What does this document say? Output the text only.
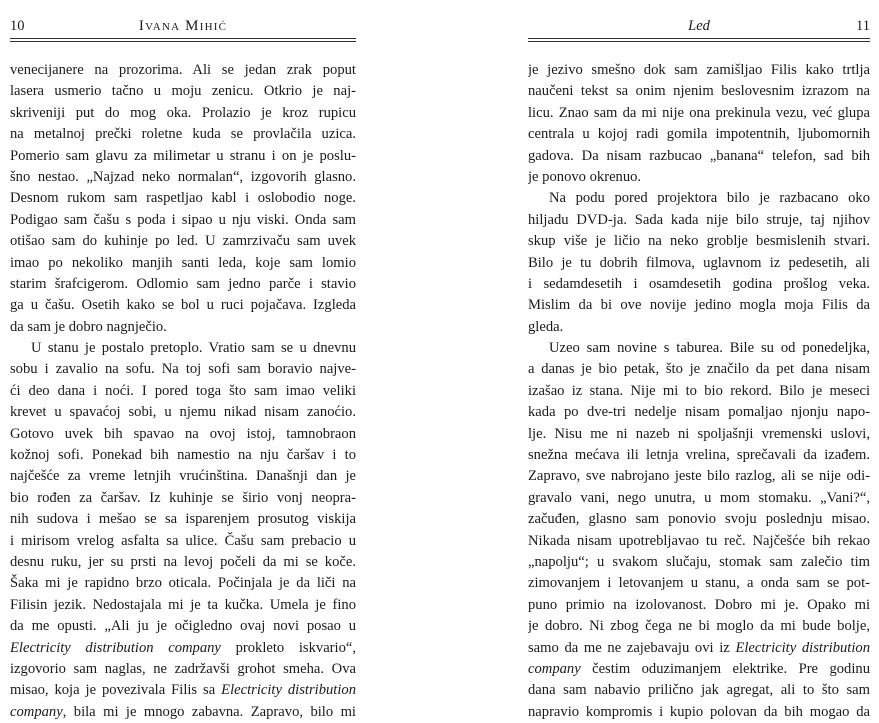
10	Ivana Mihić
venecijanere na prozorima. Ali se jedan zrak poput
lasera usmerio tačno u moju zenicu. Otkrio je naj-
skriveniji put do mog oka. Prolazio je kroz rupicu
na metalnoj prečki roletne kuda se provlačila uzica.
Pomerio sam glavu za milimetar u stranu i on je poslu-
šno nestao. „Najzad neko normalan“, izgovorih glasno.
Desnom rukom sam raspetljao kabl i oslobodio noge.
Podigao sam čašu s poda i sipao u nju viski. Onda sam
otišao sam do kuhinje po led. U zamrzivaču sam uvek
imao po nekoliko manjih santi leda, koje sam lomio
starim šrafcigerom. Odlomio sam jedno parče i stavio
ga u čašu. Osetih kako se bol u ruci pojačava. Izgleda
da sam je dobro nagnječio.
U stanu je postalo pretoplo. Vratio sam se u dnevnu
sobu i zavalio na sofu. Na toj sofi sam boravio najve-
ći deo dana i noći. I pored toga što sam imao veliki
krevet u spavaćoj sobi, u njemu nikad nisam zanoćio.
Gotovo uvek bih spavao na ovoj istoj, tamnobraon
kožnoj sofi. Ponekad bih namestio na nju čaršav i to
najčešće za vreme letnjih vrućinština. Današnji dan je
bio rođen za čaršav. Iz kuhinje se širio vonj neopra-
nih sudova i mešao se sa isparenjem prosutog viskija
i mirisom vrelog asfalta sa ulice. Čašu sam prebacio u
desnu ruku, jer su prsti na levoj počeli da mi se koče.
Šaka mi je rapidno brzo oticala. Počinjala je da liči na
Filisin jezik. Nedostajala mi je ta kučka. Umela je fino
da me opusti. „Ali ju je očigledno ovaj novi posao u
Electricity distribution company prokleto iskvario“,
izgovorio sam naglas, ne zadržavši grohot smeha. Ova
misao, koja je povezivala Filis sa Electricity distribution
company, bila mi je mnogo zabavna. Zapravo, bilo mi
Led	11
je jezivo smešno dok sam zamišljao Filis kako trtlja
naučeni tekst sa onim njenim beslovesnim izrazom na
licu. Znao sam da mi nije ona prekinula vezu, već glupa
centrala u kojoj radi gomila impotentnih, ljubomornih
gadova. Da nisam razbucao „banana“ telefon, sad bih
je ponovo okrenuo.
Na podu pored projektora bilo je razbacano oko
hiljadu DVD-ja. Sada kada nije bilo struje, taj njihov
skup više je ličio na neko groblje besmislenih stvari.
Bilo je tu dobrih filmova, uglavnom iz pedesetih, ali
i sedamdesetih i osamdesetih godina prošlog veka.
Mislim da bi ove novije jedino mogla moja Filis da
gleda.
Uzeo sam novine s taburea. Bile su od ponedeljka,
a danas je bio petak, što je značilo da pet dana nisam
izašao iz stana. Nije mi to bio rekord. Bilo je meseci
kada po dve-tri nedelje nisam pomaljao njonju napo-
lje. Nisu me ni nazeb ni spoljašnji vremenski uslovi,
snežna mećava ili letnja vrelina, sprečavali da izađem.
Zapravo, sve nabrojano jeste bilo razlog, ali se nije odi-
gravalo vani, nego unutra, u mom stomaku. „Vani?“,
začuđen, glasno sam ponovio svoju poslednju misao.
Nikada nisam upotrebljavao tu reč. Najčešće bih rekao
„napolju“; u svakom slučaju, stomak sam zalečio tim
zimovanjem i letovanjem u stanu, a onda sam se pot-
puno primio na izolovanost. Dobro mi je. Opako mi
je dobro. Ni zbog čega ne bi moglo da mi bude bolje,
samo da me ne zajebavaju ovi iz Electricity distribution
company čestim oduzimanjem elektrike. Pre godinu
dana sam nabavio prilično jak agregat, ali to što sam
napravio kompromis i kupio polovan da bih mogao da
